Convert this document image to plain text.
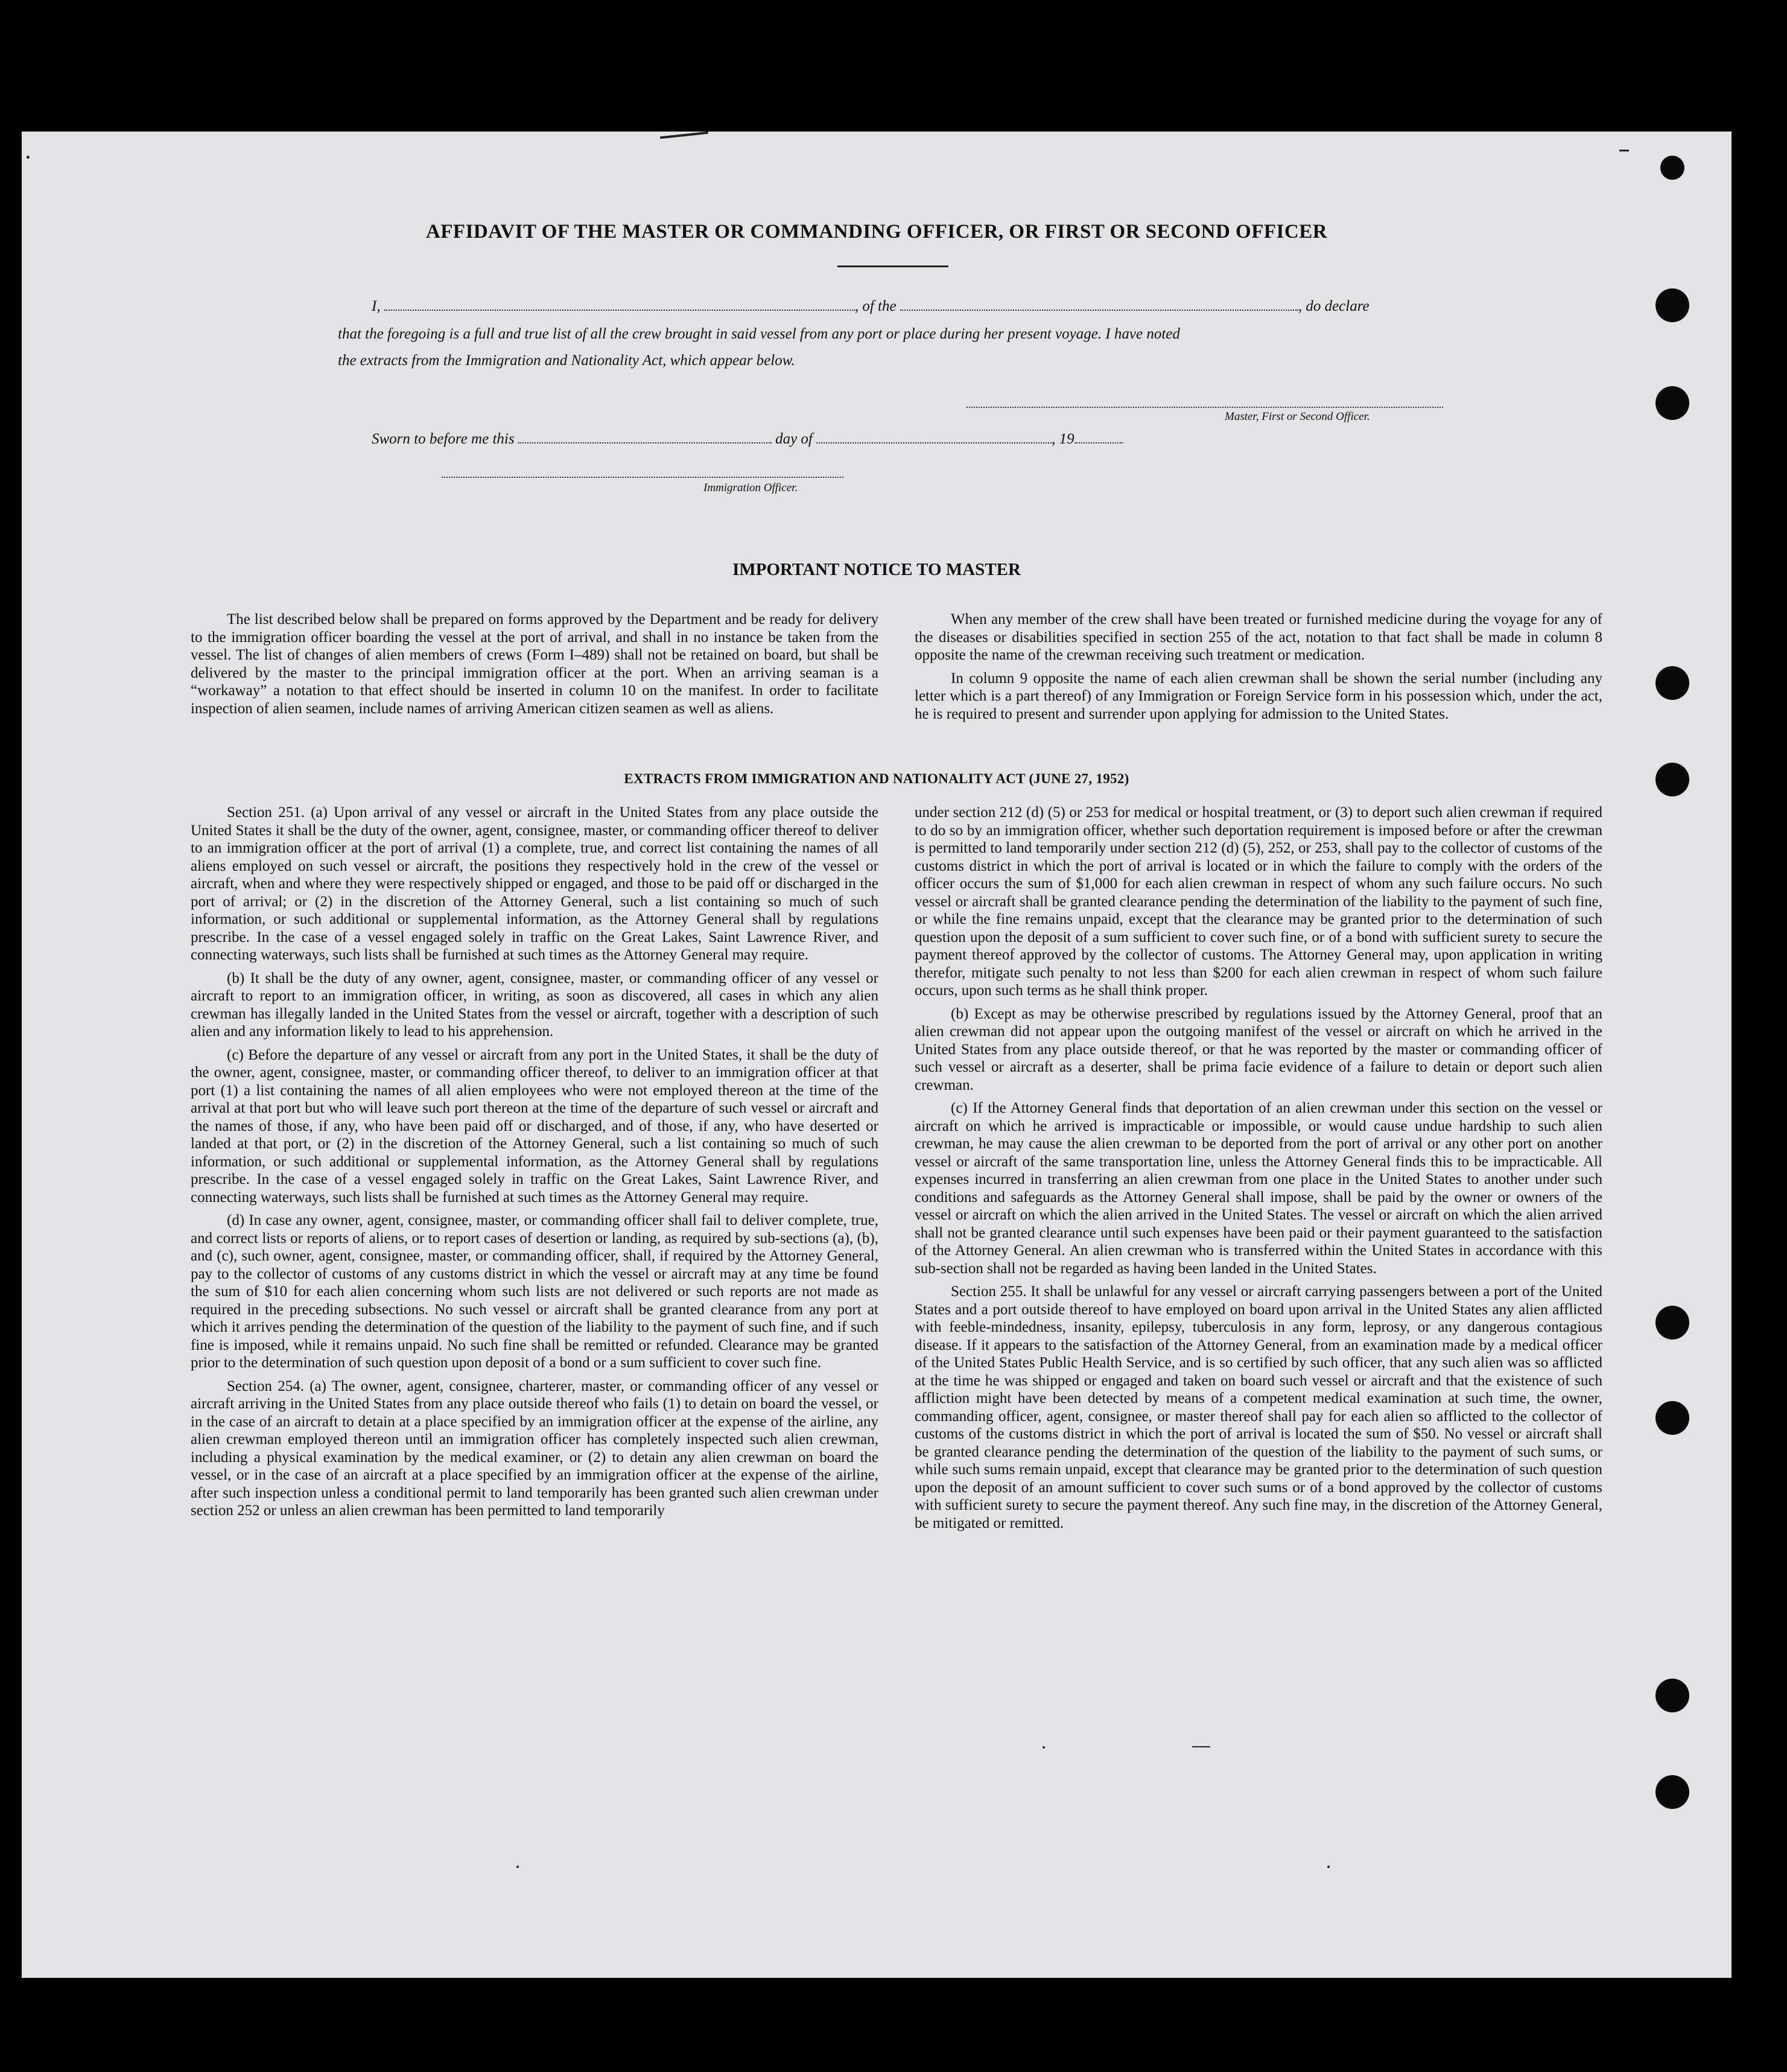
AFFIDAVIT OF THE MASTER OR COMMANDING OFFICER, OR FIRST OR SECOND OFFICER
I,	, of the	, do declare
that the foregoing is a full and true list of all the crew brought in said vessel from any port or place during her present voyage. I have noted
the extracts from the Immigration and Nationality Act, which appear below.
Master, First or Second Officer.
Sworn to before me this	day of	, 19
Immigration Officer.
IMPORTANT NOTICE TO MASTER

The list described below shall be prepared on forms approved by the Department and be ready for delivery to the immigration officer boarding the vessel at the port of arrival, and shall in no instance be taken from the vessel. The list of changes of alien members of crews (Form I–489) shall not be retained on board, but shall be delivered by the master to the principal immigration officer at the port. When an arriving seaman is a “workaway” a notation to that effect should be inserted in column 10 on the manifest. In order to facilitate inspection of alien seamen, include names of arriving American citizen seamen as well as aliens.

When any member of the crew shall have been treated or furnished medicine during the voyage for any of the diseases or disabilities specified in section 255 of the act, notation to that fact shall be made in column 8 opposite the name of the crewman receiving such treatment or medication.

In column 9 opposite the name of each alien crewman shall be shown the serial number (including any letter which is a part thereof) of any Immigration or Foreign Service form in his possession which, under the act, he is required to present and surrender upon applying for admission to the United States.

EXTRACTS FROM IMMIGRATION AND NATIONALITY ACT (JUNE 27, 1952)

Section 251. (a) Upon arrival of any vessel or aircraft in the United States from any place outside the United States it shall be the duty of the owner, agent, consignee, master, or commanding officer thereof to deliver to an immigration officer at the port of arrival (1) a complete, true, and correct list containing the names of all aliens employed on such vessel or aircraft, the positions they respectively hold in the crew of the vessel or aircraft, when and where they were respectively shipped or engaged, and those to be paid off or discharged in the port of arrival; or (2) in the discretion of the Attorney General, such a list containing so much of such information, or such additional or supplemental information, as the Attorney General shall by regulations prescribe. In the case of a vessel engaged solely in traffic on the Great Lakes, Saint Lawrence River, and connecting waterways, such lists shall be furnished at such times as the Attorney General may require.

(b) It shall be the duty of any owner, agent, consignee, master, or commanding officer of any vessel or aircraft to report to an immigration officer, in writing, as soon as discovered, all cases in which any alien crewman has illegally landed in the United States from the vessel or aircraft, together with a description of such alien and any information likely to lead to his apprehension.

(c) Before the departure of any vessel or aircraft from any port in the United States, it shall be the duty of the owner, agent, consignee, master, or commanding officer thereof, to deliver to an immigration officer at that port (1) a list containing the names of all alien employees who were not employed thereon at the time of the arrival at that port but who will leave such port thereon at the time of the departure of such vessel or aircraft and the names of those, if any, who have been paid off or discharged, and of those, if any, who have deserted or landed at that port, or (2) in the discretion of the Attorney General, such a list containing so much of such information, or such additional or supplemental information, as the Attorney General shall by regulations prescribe. In the case of a vessel engaged solely in traffic on the Great Lakes, Saint Lawrence River, and connecting waterways, such lists shall be furnished at such times as the Attorney General may require.

(d) In case any owner, agent, consignee, master, or commanding officer shall fail to deliver complete, true, and correct lists or reports of aliens, or to report cases of desertion or landing, as required by sub-sections (a), (b), and (c), such owner, agent, consignee, master, or commanding officer, shall, if required by the Attorney General, pay to the collector of customs of any customs district in which the vessel or aircraft may at any time be found the sum of $10 for each alien concerning whom such lists are not delivered or such reports are not made as required in the preceding subsections. No such vessel or aircraft shall be granted clearance from any port at which it arrives pending the determination of the question of the liability to the payment of such fine, and if such fine is imposed, while it remains unpaid. No such fine shall be remitted or refunded. Clearance may be granted prior to the determination of such question upon deposit of a bond or a sum sufficient to cover such fine.

Section 254. (a) The owner, agent, consignee, charterer, master, or commanding officer of any vessel or aircraft arriving in the United States from any place outside thereof who fails (1) to detain on board the vessel, or in the case of an aircraft to detain at a place specified by an immigration officer at the expense of the airline, any alien crewman employed thereon until an immigration officer has completely inspected such alien crewman, including a physical examination by the medical examiner, or (2) to detain any alien crewman on board the vessel, or in the case of an aircraft at a place specified by an immigration officer at the expense of the airline, after such inspection unless a conditional permit to land temporarily has been granted such alien crewman under section 252 or unless an alien crewman has been permitted to land temporarily

under section 212 (d) (5) or 253 for medical or hospital treatment, or (3) to deport such alien crewman if required to do so by an immigration officer, whether such deportation requirement is imposed before or after the crewman is permitted to land temporarily under section 212 (d) (5), 252, or 253, shall pay to the collector of customs of the customs district in which the port of arrival is located or in which the failure to comply with the orders of the officer occurs the sum of $1,000 for each alien crewman in respect of whom any such failure occurs. No such vessel or aircraft shall be granted clearance pending the determination of the liability to the payment of such fine, or while the fine remains unpaid, except that the clearance may be granted prior to the determination of such question upon the deposit of a sum sufficient to cover such fine, or of a bond with sufficient surety to secure the payment thereof approved by the collector of customs. The Attorney General may, upon application in writing therefor, mitigate such penalty to not less than $200 for each alien crewman in respect of whom such failure occurs, upon such terms as he shall think proper.

(b) Except as may be otherwise prescribed by regulations issued by the Attorney General, proof that an alien crewman did not appear upon the outgoing manifest of the vessel or aircraft on which he arrived in the United States from any place outside thereof, or that he was reported by the master or commanding officer of such vessel or aircraft as a deserter, shall be prima facie evidence of a failure to detain or deport such alien crewman.

(c) If the Attorney General finds that deportation of an alien crewman under this section on the vessel or aircraft on which he arrived is impracticable or impossible, or would cause undue hardship to such alien crewman, he may cause the alien crewman to be deported from the port of arrival or any other port on another vessel or aircraft of the same transportation line, unless the Attorney General finds this to be impracticable. All expenses incurred in transferring an alien crewman from one place in the United States to another under such conditions and safeguards as the Attorney General shall impose, shall be paid by the owner or owners of the vessel or aircraft on which the alien arrived in the United States. The vessel or aircraft on which the alien arrived shall not be granted clearance until such expenses have been paid or their payment guaranteed to the satisfaction of the Attorney General. An alien crewman who is transferred within the United States in accordance with this sub-section shall not be regarded as having been landed in the United States.

Section 255. It shall be unlawful for any vessel or aircraft carrying passengers between a port of the United States and a port outside thereof to have employed on board upon arrival in the United States any alien afflicted with feeble-mindedness, insanity, epilepsy, tuberculosis in any form, leprosy, or any dangerous contagious disease. If it appears to the satisfaction of the Attorney General, from an examination made by a medical officer of the United States Public Health Service, and is so certified by such officer, that any such alien was so afflicted at the time he was shipped or engaged and taken on board such vessel or aircraft and that the existence of such affliction might have been detected by means of a competent medical examination at such time, the owner, commanding officer, agent, consignee, or master thereof shall pay for each alien so afflicted to the collector of customs of the customs district in which the port of arrival is located the sum of $50. No vessel or aircraft shall be granted clearance pending the determination of the question of the liability to the payment of such sums, or while such sums remain unpaid, except that clearance may be granted prior to the determination of such question upon the deposit of an amount sufficient to cover such sums or of a bond approved by the collector of customs with sufficient surety to secure the payment thereof. Any such fine may, in the discretion of the Attorney General, be mitigated or remitted.
